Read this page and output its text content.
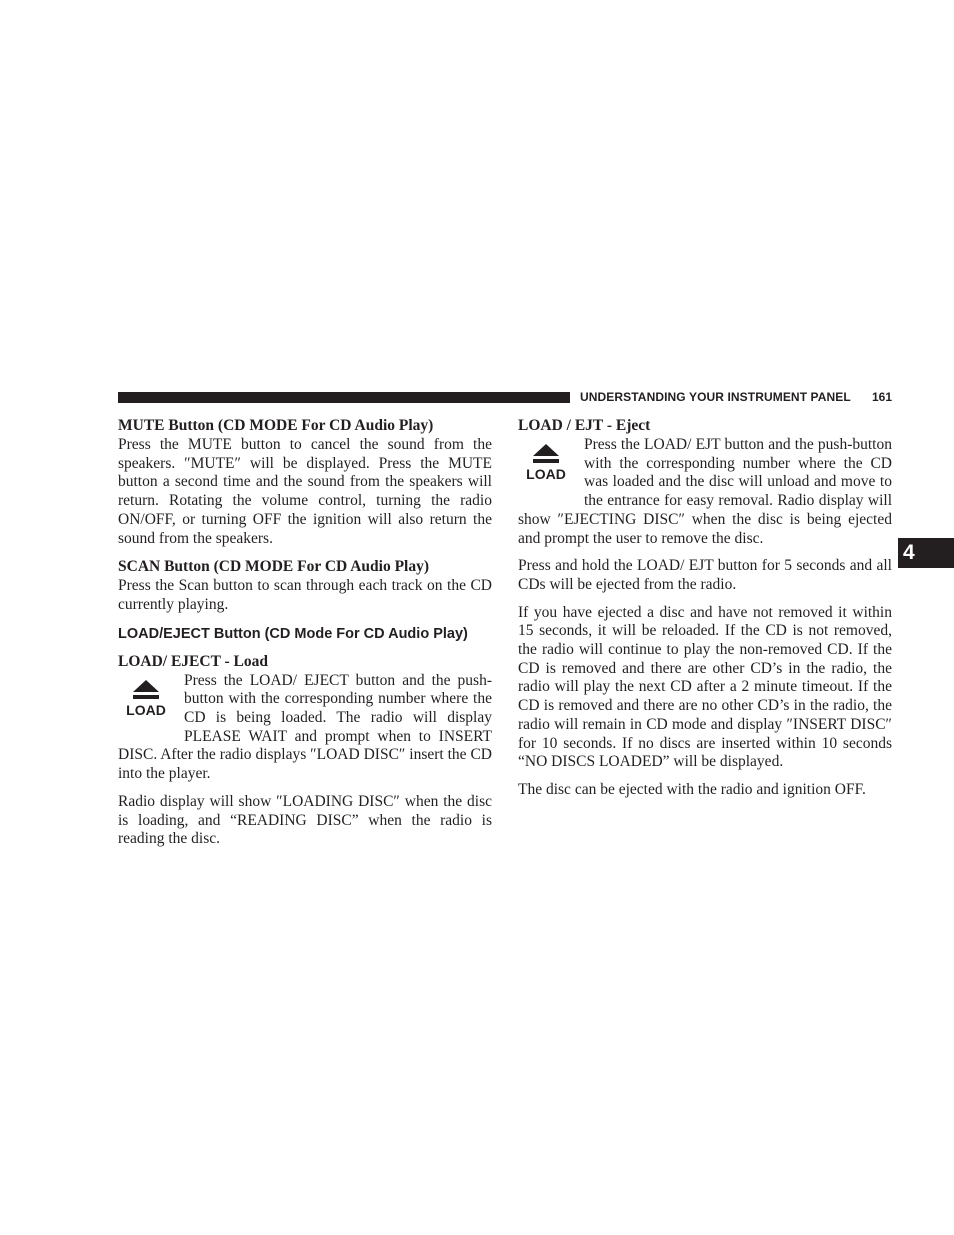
UNDERSTANDING YOUR INSTRUMENT PANEL	161
4
MUTE Button (CD MODE For CD Audio Play)

Press the MUTE button to cancel the sound from the speakers. ″MUTE″ will be displayed. Press the MUTE button a second time and the sound from the speakers will return. Rotating the volume control, turning the radio ON/OFF, or turning OFF the ignition will also return the sound from the speakers.

SCAN Button (CD MODE For CD Audio Play)

Press the Scan button to scan through each track on the CD currently playing.

LOAD/EJECT Button (CD Mode For CD Audio Play)
LOAD/ EJECT - Load
LOAD

Press the LOAD/ EJECT button and the push-button with the corresponding number where the CD is being loaded. The radio will display PLEASE WAIT and prompt when to INSERT DISC. After the radio displays ″LOAD DISC″ insert the CD into the player.

Radio display will show ″LOADING DISC″ when the disc is loading, and “READING DISC” when the radio is reading the disc.

LOAD / EJT - Eject
LOAD

Press the LOAD/ EJT button and the push-button with the corresponding number where the CD was loaded and the disc will unload and move to the entrance for easy removal. Radio display will show ″EJECTING DISC″ when the disc is being ejected and prompt the user to remove the disc.

Press and hold the LOAD/ EJT button for 5 seconds and all CDs will be ejected from the radio.

If you have ejected a disc and have not removed it within 15 seconds, it will be reloaded. If the CD is not removed, the radio will continue to play the non-removed CD. If the CD is removed and there are other CD’s in the radio, the radio will play the next CD after a 2 minute timeout. If the CD is removed and there are no other CD’s in the radio, the radio will remain in CD mode and display ″INSERT DISC″ for 10 seconds. If no discs are inserted within 10 seconds “NO DISCS LOADED” will be displayed.

The disc can be ejected with the radio and ignition OFF.
